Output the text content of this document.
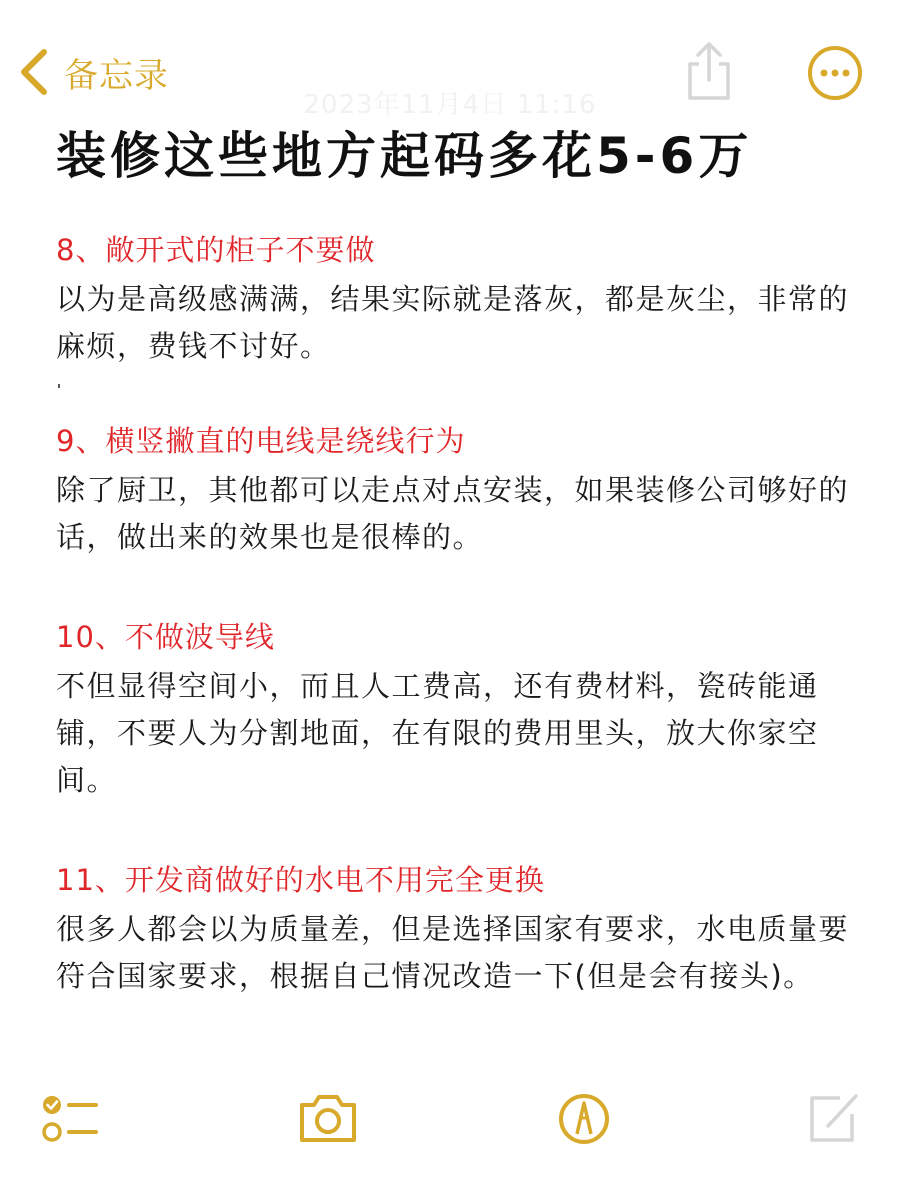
备忘录
2023年11月4日 11:16
装修这些地方起码多花5-6万
8、敞开式的柜子不要做
以为是高级感满满，结果实际就是落灰，都是灰尘，非常的麻烦，费钱不讨好。
9、横竖撇直的电线是绕线行为
除了厨卫，其他都可以走点对点安装，如果装修公司够好的话，做出来的效果也是很棒的。
10、不做波导线
不但显得空间小，而且人工费高，还有费材料，瓷砖能通铺，不要人为分割地面，在有限的费用里头，放大你家空间。
11、开发商做好的水电不用完全更换
很多人都会以为质量差，但是选择国家有要求，水电质量要符合国家要求，根据自己情况改造一下(但是会有接头)。
